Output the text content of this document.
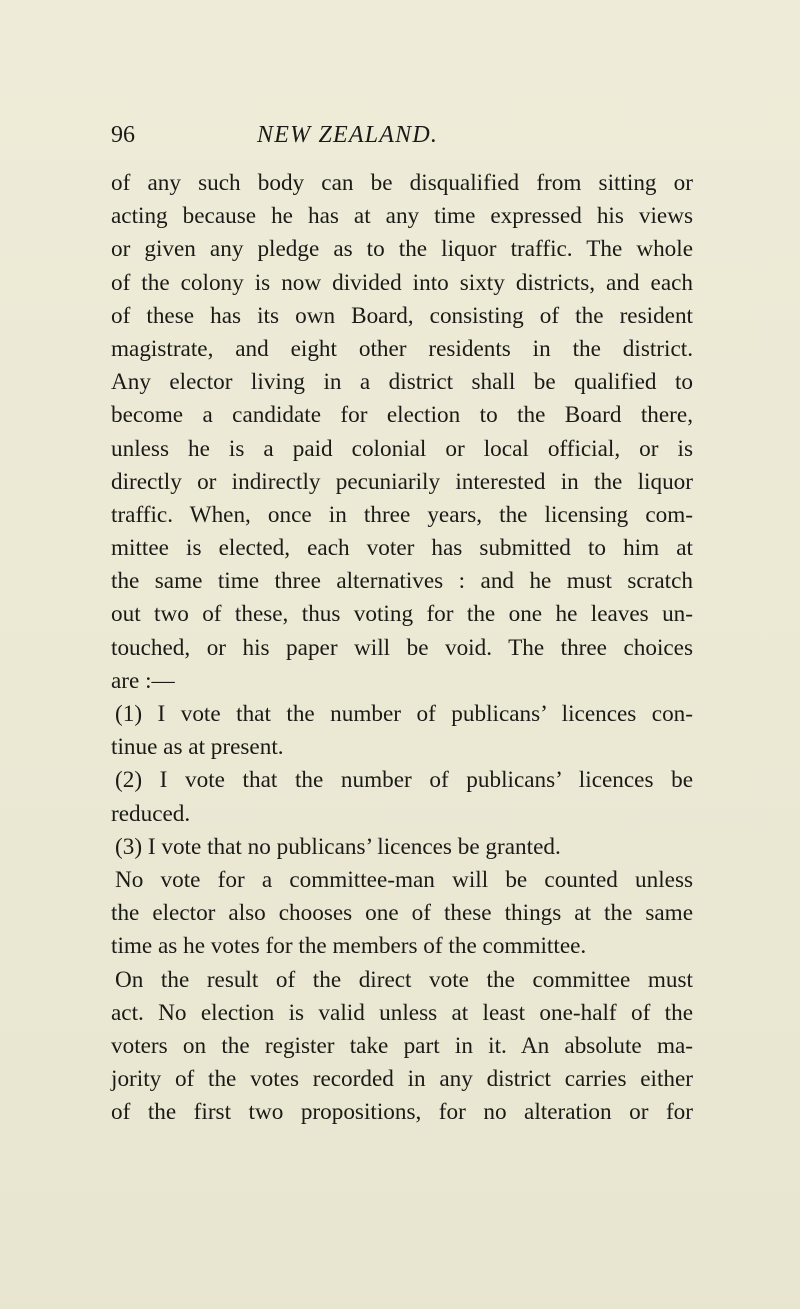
96	NEW ZEALAND.
of any such body can be disqualified from sitting or
acting because he has at any time expressed his views
or given any pledge as to the liquor traffic. The whole
of the colony is now divided into sixty districts, and each
of these has its own Board, consisting of the resident
magistrate, and eight other residents in the district.
Any elector living in a district shall be qualified to
become a candidate for election to the Board there,
unless he is a paid colonial or local official, or is
directly or indirectly pecuniarily interested in the liquor
traffic. When, once in three years, the licensing com-
mittee is elected, each voter has submitted to him at
the same time three alternatives : and he must scratch
out two of these, thus voting for the one he leaves un-
touched, or his paper will be void. The three choices
are :—
(1) I vote that the number of publicans’ licences con-
tinue as at present.
(2) I vote that the number of publicans’ licences be
reduced.
(3) I vote that no publicans’ licences be granted.
No vote for a committee-man will be counted unless
the elector also chooses one of these things at the same
time as he votes for the members of the committee.
On the result of the direct vote the committee must
act. No election is valid unless at least one-half of the
voters on the register take part in it. An absolute ma-
jority of the votes recorded in any district carries either
of the first two propositions, for no alteration or for
